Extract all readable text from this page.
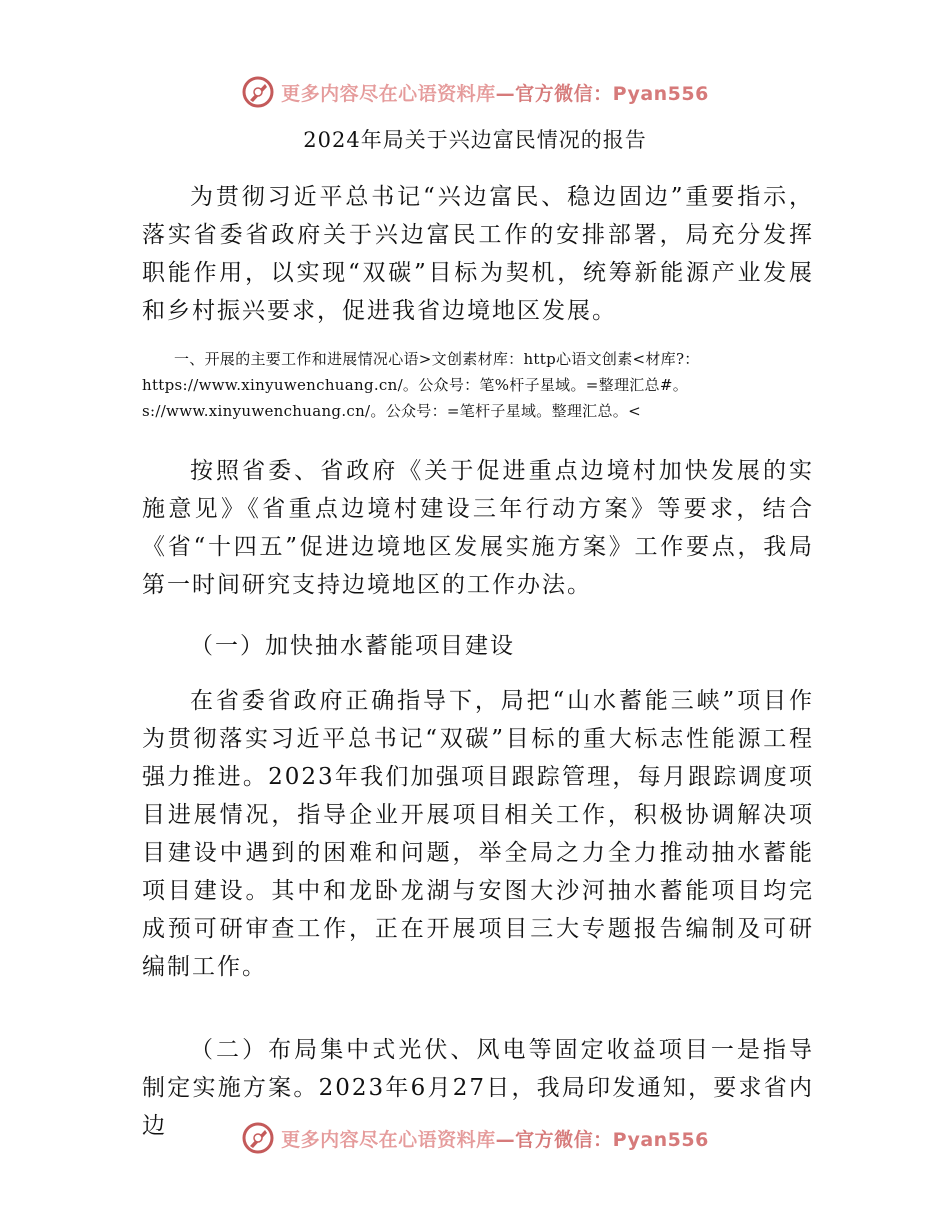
更多内容尽在心语资料库—官方微信：Pyan556
2024年局关于兴边富民情况的报告

为贯彻习近平总书记“兴边富民、稳边固边”重要指示，落实省委省政府关于兴边富民工作的安排部署，局充分发挥职能作用，以实现“双碳”目标为契机，统筹新能源产业发展和乡村振兴要求，促进我省边境地区发展。

一、开展的主要工作和进展情况心语>文创素材库：http心语文创素<材库?：https://www.xinyuwenchuang.cn/。公众号：笔%杆子星域。=整理汇总#。s://www.xinyuwenchuang.cn/。公众号：=笔杆子星域。整理汇总。<

按照省委、省政府《关于促进重点边境村加快发展的实施意见》《省重点边境村建设三年行动方案》等要求，结合《省“十四五”促进边境地区发展实施方案》工作要点，我局第一时间研究支持边境地区的工作办法。

（一）加快抽水蓄能项目建设

在省委省政府正确指导下，局把“山水蓄能三峡”项目作为贯彻落实习近平总书记“双碳”目标的重大标志性能源工程强力推进。2023年我们加强项目跟踪管理，每月跟踪调度项目进展情况，指导企业开展项目相关工作，积极协调解决项目建设中遇到的困难和问题，举全局之力全力推动抽水蓄能项目建设。其中和龙卧龙湖与安图大沙河抽水蓄能项目均完成预可研审查工作，正在开展项目三大专题报告编制及可研编制工作。

（二）布局集中式光伏、风电等固定收益项目一是指导制定实施方案。2023年6月27日，我局印发通知，要求省内边

更多内容尽在心语资料库—官方微信：Pyan556
